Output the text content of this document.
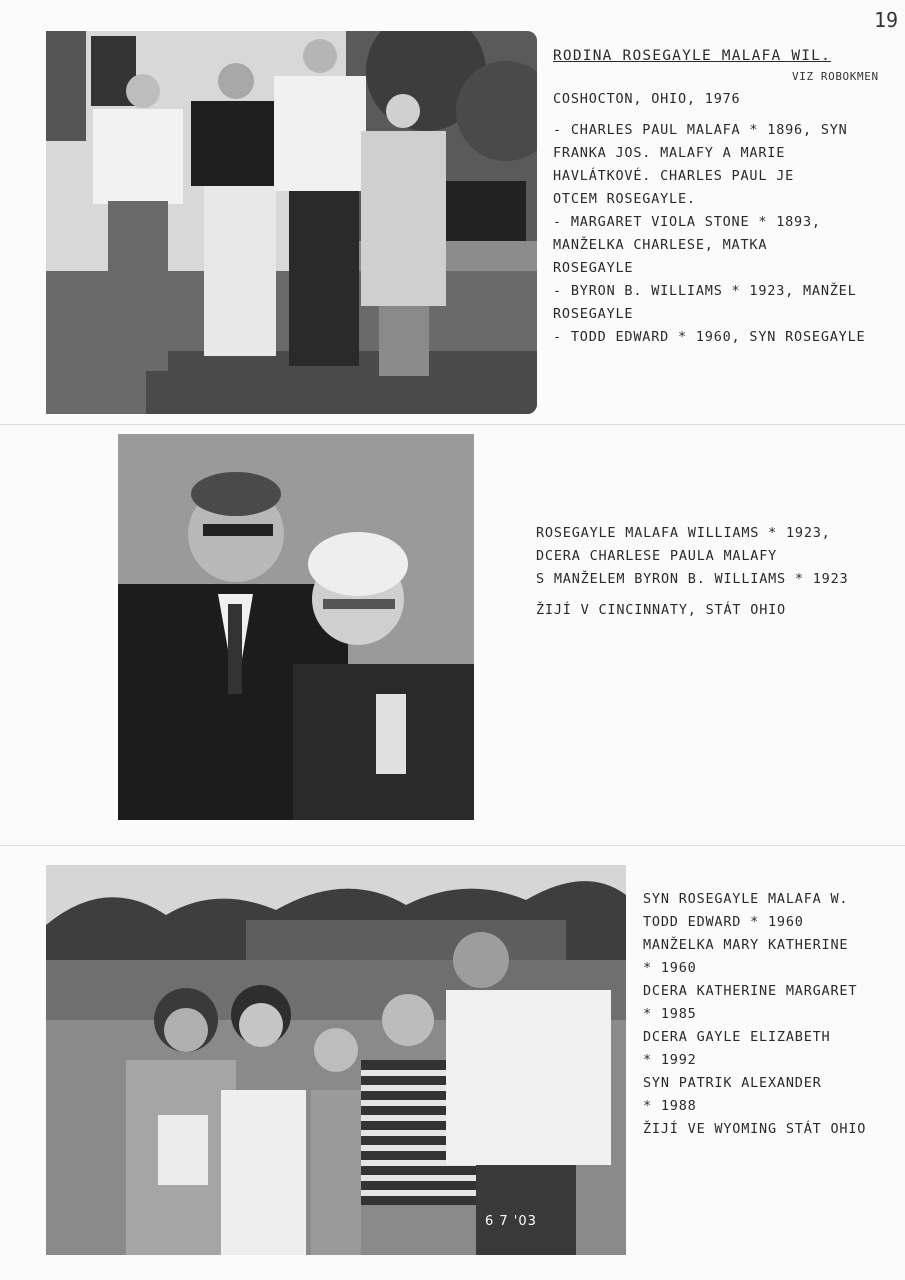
19
RODINA ROSEGAYLE MALAFA WIL.
VIZ ROBOKMEN

COSHOCTON, OHIO, 1976

- CHARLES PAUL MALAFA * 1896, SYN

FRANKA JOS. MALAFY A MARIE

HAVLÁTKOVÉ. CHARLES PAUL JE

OTCEM ROSEGAYLE.

- MARGARET VIOLA STONE * 1893,

MANŽELKA CHARLESE, MATKA

ROSEGAYLE

- BYRON B. WILLIAMS * 1923, MANŽEL

ROSEGAYLE

- TODD EDWARD * 1960, SYN ROSEGAYLE

ROSEGAYLE MALAFA WILLIAMS * 1923,

DCERA CHARLESE PAULA MALAFY

S MANŽELEM BYRON B. WILLIAMS * 1923

ŽIJÍ V CINCINNATY, STÁT OHIO

6 7 '03

SYN ROSEGAYLE MALAFA W.

TODD EDWARD * 1960

MANŽELKA MARY KATHERINE

* 1960

DCERA KATHERINE MARGARET

* 1985

DCERA GAYLE ELIZABETH

* 1992

SYN PATRIK ALEXANDER

* 1988

ŽIJÍ VE WYOMING STÁT OHIO
